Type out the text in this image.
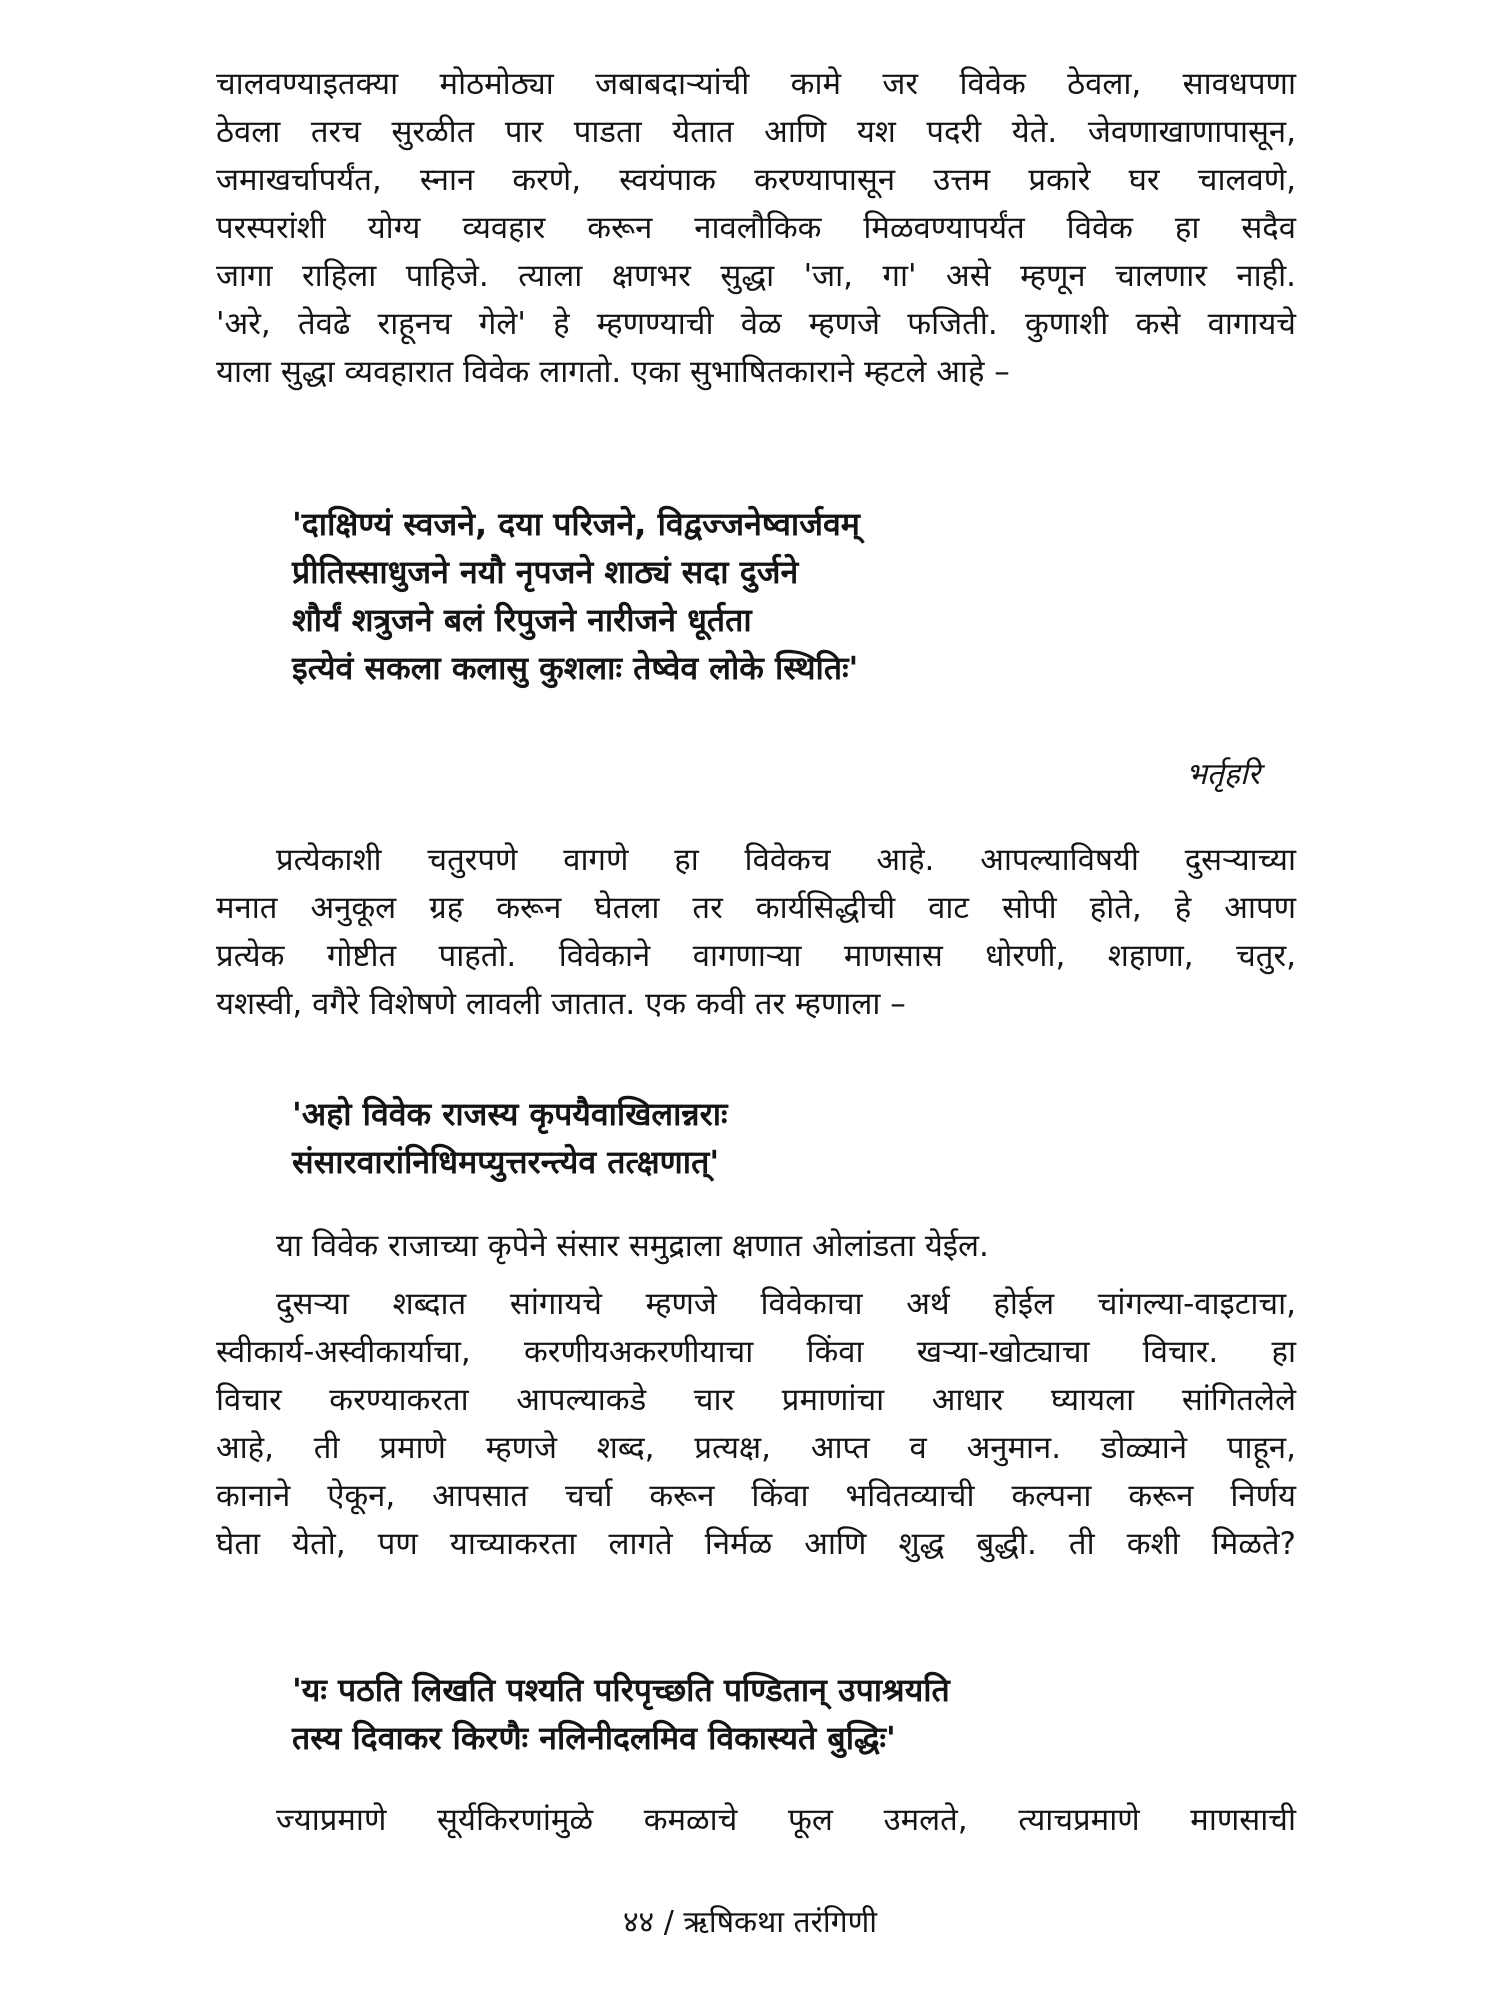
चालवण्याइतक्या मोठमोठ्या जबाबदाऱ्यांची कामे जर विवेक ठेवला, सावधपणा

ठेवला तरच सुरळीत पार पाडता येतात आणि यश पदरी येते. जेवणाखाणापासून,

जमाखर्चापर्यंत, स्नान करणे, स्वयंपाक करण्यापासून उत्तम प्रकारे घर चालवणे,

परस्परांशी योग्य व्यवहार करून नावलौकिक मिळवण्यापर्यंत विवेक हा सदैव

जागा राहिला पाहिजे. त्याला क्षणभर सुद्धा 'जा, गा' असे म्हणून चालणार नाही.

'अरे, तेवढे राहूनच गेले' हे म्हणण्याची वेळ म्हणजे फजिती. कुणाशी कसे वागायचे

याला सुद्धा व्यवहारात विवेक लागतो. एका सुभाषितकाराने म्हटले आहे –

'दाक्षिण्यं स्वजने, दया परिजने, विद्वज्जनेष्वार्जवम्

प्रीतिस्साधुजने नयौ नृपजने शाठ्यं सदा दुर्जने

शौर्यं शत्रुजने बलं रिपुजने नारीजने धूर्तता

इत्येवं सकला कलासु कुशलाः तेष्वेव लोके स्थितिः'

भर्तृहरि

प्रत्येकाशी चतुरपणे वागणे हा विवेकच आहे. आपल्याविषयी दुसऱ्याच्या

मनात अनुकूल ग्रह करून घेतला तर कार्यसिद्धीची वाट सोपी होते, हे आपण

प्रत्येक गोष्टीत पाहतो. विवेकाने वागणाऱ्या माणसास धोरणी, शहाणा, चतुर,

यशस्वी, वगैरे विशेषणे लावली जातात. एक कवी तर म्हणाला –

'अहो विवेक राजस्य कृपयैवाखिलान्नराः

संसारवारांनिधिमप्युत्तरन्त्येव तत्क्षणात्'

या विवेक राजाच्या कृपेने संसार समुद्राला क्षणात ओलांडता येईल.

दुसऱ्या शब्दात सांगायचे म्हणजे विवेकाचा अर्थ होईल चांगल्या-वाइटाचा,

स्वीकार्य-अस्वीकार्याचा, करणीयअकरणीयाचा किंवा खऱ्या-खोट्याचा विचार. हा

विचार करण्याकरता आपल्याकडे चार प्रमाणांचा आधार घ्यायला सांगितलेले

आहे, ती प्रमाणे म्हणजे शब्द, प्रत्यक्ष, आप्त व अनुमान. डोळ्याने पाहून,

कानाने ऐकून, आपसात चर्चा करून किंवा भवितव्याची कल्पना करून निर्णय

घेता येतो, पण याच्याकरता लागते निर्मळ आणि शुद्ध बुद्धी. ती कशी मिळते?

'यः पठति लिखति पश्यति परिपृच्छति पण्डितान् उपाश्रयति

तस्य दिवाकर किरणैः नलिनीदलमिव विकास्यते बुद्धिः'

ज्याप्रमाणे सूर्यकिरणांमुळे कमळाचे फूल उमलते, त्याचप्रमाणे माणसाची

४४ / ऋषिकथा तरंगिणी
